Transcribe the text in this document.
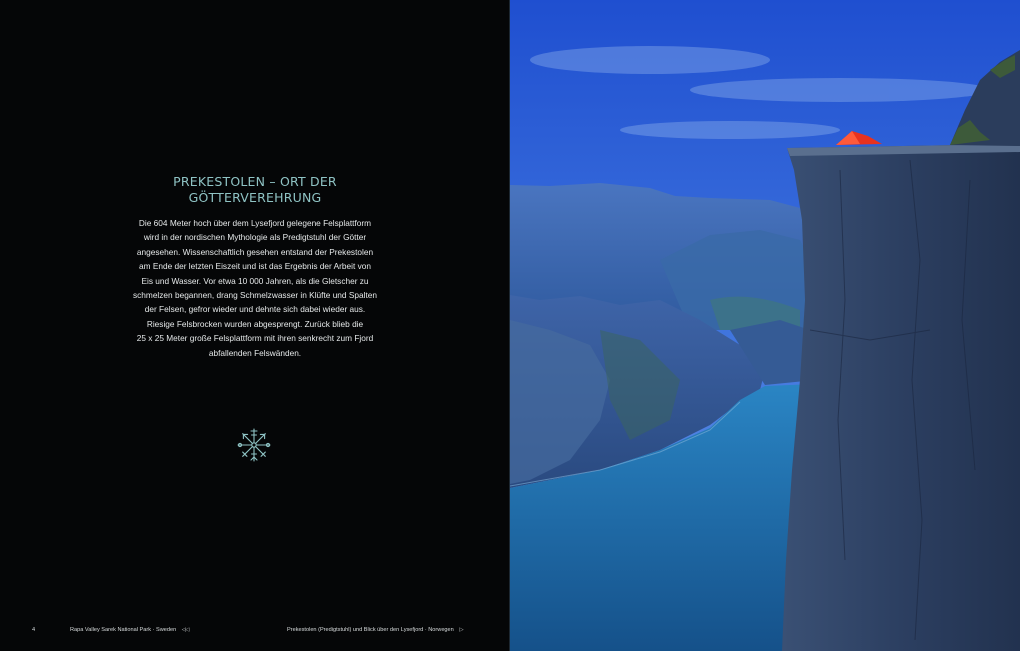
PREKESTOLEN – ORT DER
GÖTTERVEREHRUNG

Die 604 Meter hoch über dem Lysefjord gelegene Felsplattform
wird in der nordischen Mythologie als Predigtstuhl der Götter
angesehen. Wissenschaftlich gesehen entstand der Prekestolen
am Ende der letzten Eiszeit und ist das Ergebnis der Arbeit von
Eis und Wasser. Vor etwa 10 000 Jahren, als die Gletscher zu
schmelzen begannen, drang Schmelzwasser in Klüfte und Spalten
der Felsen, gefror wieder und dehnte sich dabei wieder aus.
Riesige Felsbrocken wurden abgesprengt. Zurück blieb die
25 x 25 Meter große Felsplattform mit ihren senkrecht zum Fjord
abfallenden Felswänden.

4	Rapa Valley Sarek National Park · Sweden ◁◁	Prekestolen (Predigtstuhl) und Blick über den Lysefjord · Norwegen ▷
